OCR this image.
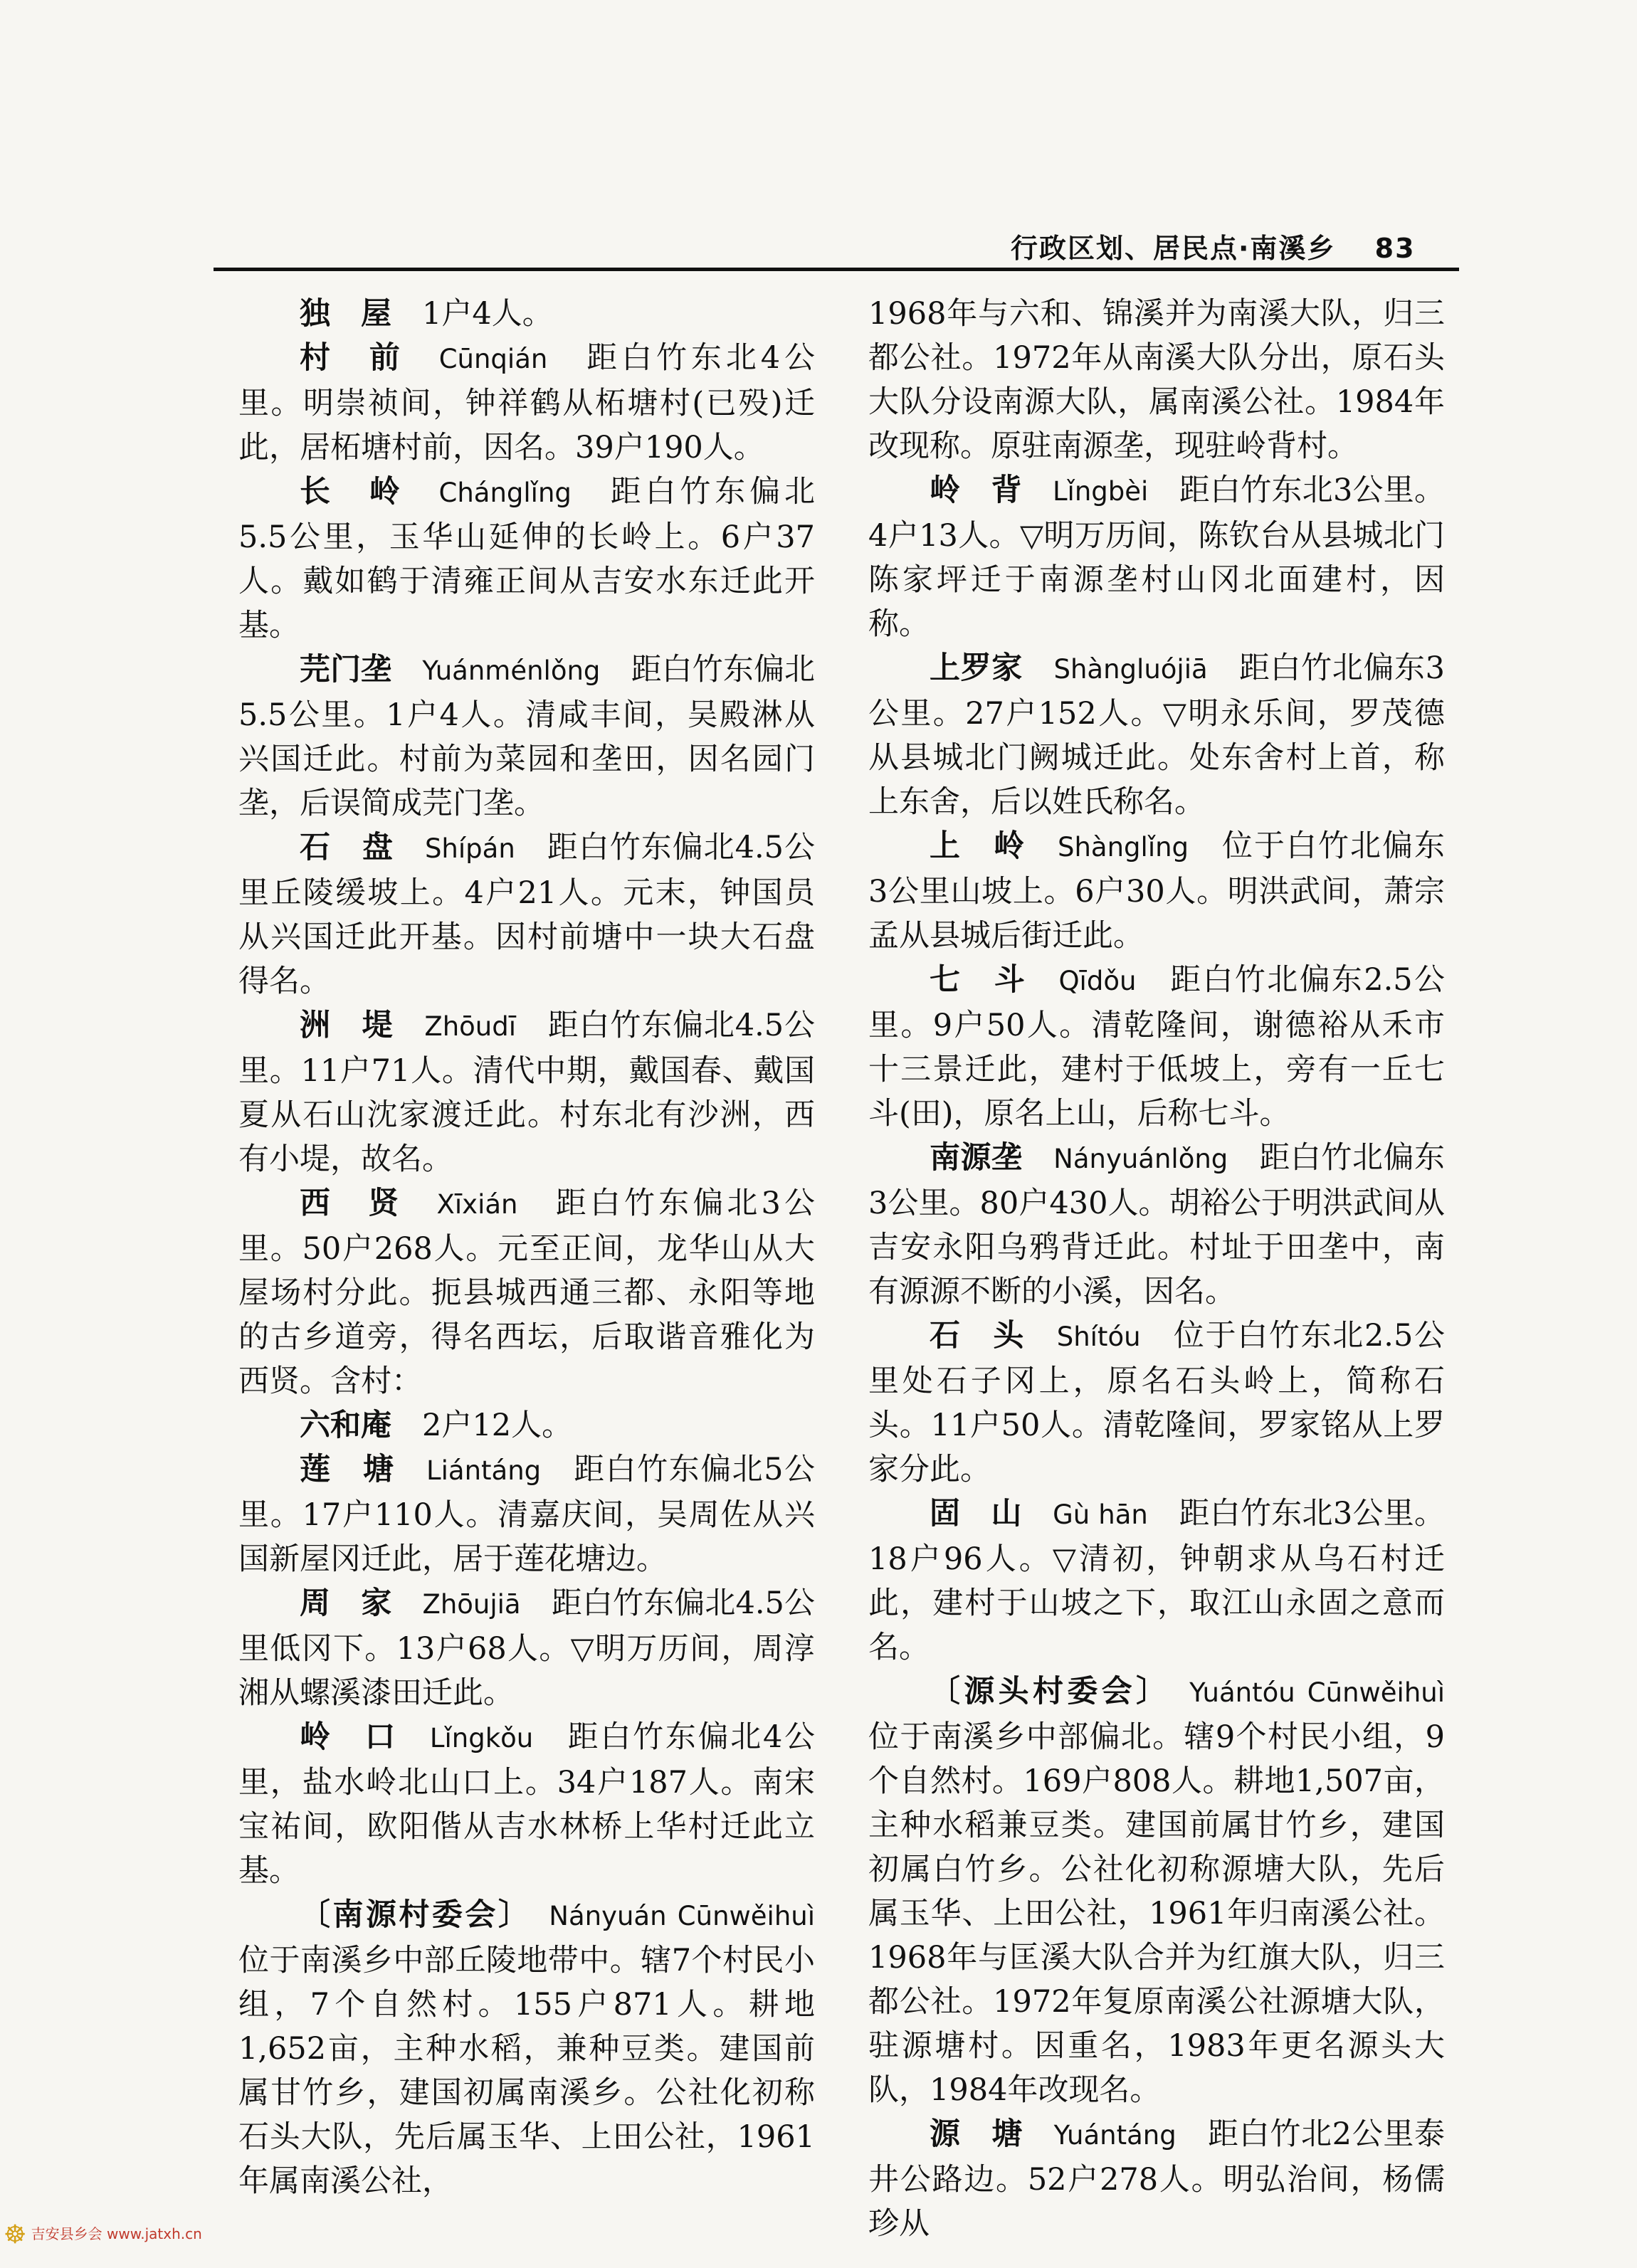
行政区划、居民点·南溪乡 83

独　屋　 1户4人。

村　前　 Cūnqián　 距白竹东北4公里。明崇祯间，钟祥鹤从柘塘村(已殁)迁此，居柘塘村前，因名。39户190人。

长　岭　 Chánglǐng　 距白竹东偏北5.5公里，玉华山延伸的长岭上。6户37人。戴如鹤于清雍正间从吉安水东迁此开基。

芫门垄　 Yuánménlǒng　 距白竹东偏北5.5公里。1户4人。清咸丰间，吴殿淋从兴国迁此。村前为菜园和垄田，因名园门垄，后误简成芫门垄。

石　盘　 Shípán　 距白竹东偏北4.5公里丘陵缓坡上。4户21人。元末，钟国员从兴国迁此开基。因村前塘中一块大石盘得名。

洲　堤　 Zhōudī　 距白竹东偏北4.5公里。11户71人。清代中期，戴国春、戴国夏从石山沈家渡迁此。村东北有沙洲，西有小堤，故名。

西　贤　 Xīxián　 距白竹东偏北3公里。50户268人。元至正间，龙华山从大屋场村分此。扼县城西通三都、永阳等地的古乡道旁，得名西坛，后取谐音雅化为西贤。含村：

六和庵　 2户12人。

莲　塘　 Liántáng　 距白竹东偏北5公里。17户110人。清嘉庆间，吴周佐从兴国新屋冈迁此，居于莲花塘边。

周　家　 Zhōujiā　 距白竹东偏北4.5公里低冈下。13户68人。▽明万历间，周淳湘从螺溪漆田迁此。

岭　口　 Lǐngkǒu　 距白竹东偏北4公里，盐水岭北山口上。34户187人。南宋宝祐间，欧阳偕从吉水林桥上华村迁此立基。

〔南源村委会〕　 Nányuán Cūnwěihuì　位于南溪乡中部丘陵地带中。辖7个村民小组，7个自然村。155户871人。耕地1,652亩，主种水稻，兼种豆类。建国前属甘竹乡，建国初属南溪乡。公社化初称石头大队，先后属玉华、上田公社，1961年属南溪公社，

1968年与六和、锦溪并为南溪大队，归三都公社。1972年从南溪大队分出，原石头大队分设南源大队，属南溪公社。1984年改现称。原驻南源垄，现驻岭背村。

岭　背　 Lǐngbèi　 距白竹东北3公里。4户13人。▽明万历间，陈钦台从县城北门陈家坪迁于南源垄村山冈北面建村，因称。

上罗家　 Shàngluójiā　 距白竹北偏东3公里。27户152人。▽明永乐间，罗茂德从县城北门阙城迁此。处东舍村上首，称上东舍，后以姓氏称名。

上　岭　 Shànglǐng　 位于白竹北偏东3公里山坡上。6户30人。明洪武间，萧宗孟从县城后街迁此。

七　斗　 Qīdǒu　 距白竹北偏东2.5公里。9户50人。清乾隆间，谢德裕从禾市十三景迁此，建村于低坡上，旁有一丘七斗(田)，原名上山，后称七斗。

南源垄　 Nányuánlǒng　 距白竹北偏东3公里。80户430人。胡裕公于明洪武间从吉安永阳乌鸦背迁此。村址于田垄中，南有源源不断的小溪，因名。

石　头　 Shítóu　 位于白竹东北2.5公里处石子冈上，原名石头岭上，简称石头。11户50人。清乾隆间，罗家铭从上罗家分此。

固　山　 Gù hān　 距白竹东北3公里。18户96人。▽清初，钟朝求从乌石村迁此，建村于山坡之下，取江山永固之意而名。

〔源头村委会〕　 Yuántóu Cūnwěihuì　位于南溪乡中部偏北。辖9个村民小组，9个自然村。169户808人。耕地1,507亩，主种水稻兼豆类。建国前属甘竹乡，建国初属白竹乡。公社化初称源塘大队，先后属玉华、上田公社，1961年归南溪公社。1968年与匡溪大队合并为红旗大队，归三都公社。1972年复原南溪公社源塘大队，驻源塘村。因重名，1983年更名源头大队，1984年改现名。

源　塘　 Yuántáng　 距白竹北2公里泰井公路边。52户278人。明弘治间，杨儒珍从

☸ 吉安县乡会 www.jatxh.cn
